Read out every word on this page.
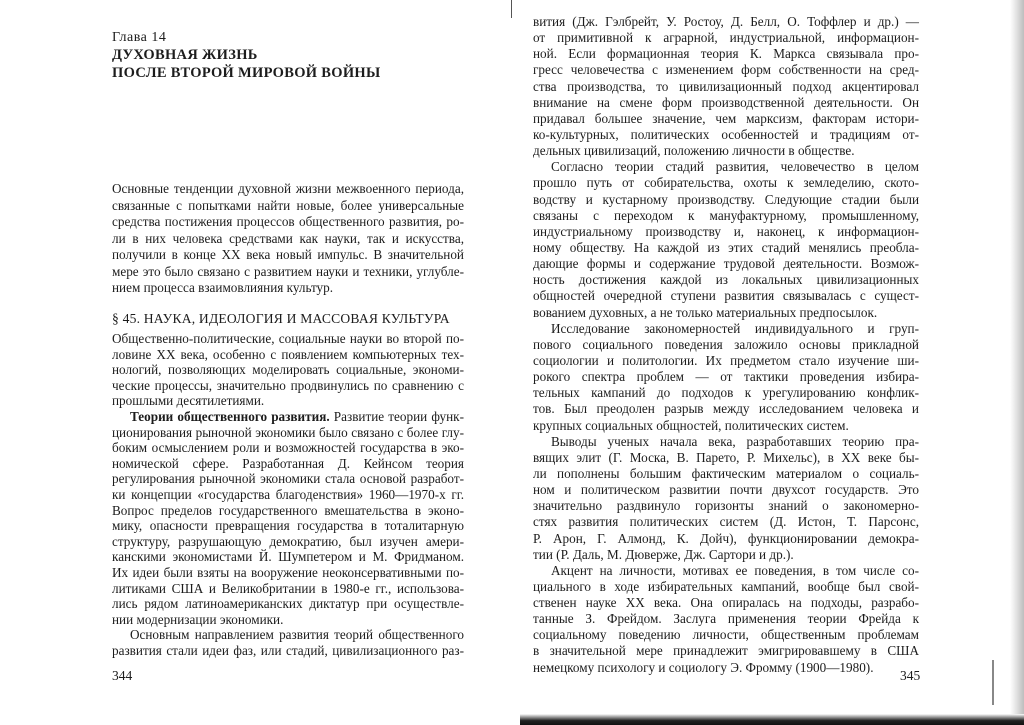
Глава 14
ДУХОВНАЯ ЖИЗНЬ
ПОСЛЕ ВТОРОЙ МИРОВОЙ ВОЙНЫ
Основные тенденции духовной жизни межвоенного периода,
связанные с попытками найти новые, более универсальные
средства постижения процессов общественного развития, ро-
ли в них человека средствами как науки, так и искусства,
получили в конце XX века новый импульс. В значительной
мере это было связано с развитием науки и техники, углубле-
нием процесса взаимовлияния культур.
§ 45. НАУКА, ИДЕОЛОГИЯ И МАССОВАЯ КУЛЬТУРА
Общественно-политические, социальные науки во второй по-
ловине XX века, особенно с появлением компьютерных тех-
нологий, позволяющих моделировать социальные, экономи-
ческие процессы, значительно продвинулись по сравнению с
прошлыми десятилетиями.
Теории общественного развития. Развитие теории функ-
ционирования рыночной экономики было связано с более глу-
боким осмыслением роли и возможностей государства в эко-
номической сфере. Разработанная Д. Кейнсом теория
регулирования рыночной экономики стала основой разработ-
ки концепции «государства благоденствия» 1960—1970-х гг.
Вопрос пределов государственного вмешательства в эконо-
мику, опасности превращения государства в тоталитарную
структуру, разрушающую демократию, был изучен амери-
канскими экономистами Й. Шумпетером и М. Фридманом.
Их идеи были взяты на вооружение неоконсервативными по-
литиками США и Великобритании в 1980-е гг., использова-
лись рядом латиноамериканских диктатур при осуществле-
нии модернизации экономики.
Основным направлением развития теорий общественного
развития стали идеи фаз, или стадий, цивилизационного раз-
344
вития (Дж. Гэлбрейт, У. Ростоу, Д. Белл, О. Тоффлер и др.) —
от примитивной к аграрной, индустриальной, информацион-
ной. Если формационная теория К. Маркса связывала про-
гресс человечества с изменением форм собственности на сред-
ства производства, то цивилизационный подход акцентировал
внимание на смене форм производственной деятельности. Он
придавал большее значение, чем марксизм, факторам истори-
ко-культурных, политических особенностей и традициям от-
дельных цивилизаций, положению личности в обществе.
Согласно теории стадий развития, человечество в целом
прошло путь от собирательства, охоты к земледелию, ското-
водству и кустарному производству. Следующие стадии были
связаны с переходом к мануфактурному, промышленному,
индустриальному производству и, наконец, к информацион-
ному обществу. На каждой из этих стадий менялись преобла-
дающие формы и содержание трудовой деятельности. Возмож-
ность достижения каждой из локальных цивилизационных
общностей очередной ступени развития связывалась с сущест-
вованием духовных, а не только материальных предпосылок.
Исследование закономерностей индивидуального и груп-
пового социального поведения заложило основы прикладной
социологии и политологии. Их предметом стало изучение ши-
рокого спектра проблем — от тактики проведения избира-
тельных кампаний до подходов к урегулированию конфлик-
тов. Был преодолен разрыв между исследованием человека и
крупных социальных общностей, политических систем.
Выводы ученых начала века, разработавших теорию пра-
вящих элит (Г. Моска, В. Парето, Р. Михельс), в XX веке бы-
ли пополнены большим фактическим материалом о социаль-
ном и политическом развитии почти двухсот государств. Это
значительно раздвинуло горизонты знаний о закономерно-
стях развития политических систем (Д. Истон, Т. Парсонс,
Р. Арон, Г. Алмонд, К. Дойч), функционировании демокра-
тии (Р. Даль, М. Дюверже, Дж. Сартори и др.).
Акцент на личности, мотивах ее поведения, в том числе со-
циального в ходе избирательных кампаний, вообще был свой-
ственен науке XX века. Она опиралась на подходы, разрабо-
танные З. Фрейдом. Заслуга применения теории Фрейда к
социальному поведению личности, общественным проблемам
в значительной мере принадлежит эмигрировавшему в США
немецкому психологу и социологу Э. Фромму (1900—1980).
345
